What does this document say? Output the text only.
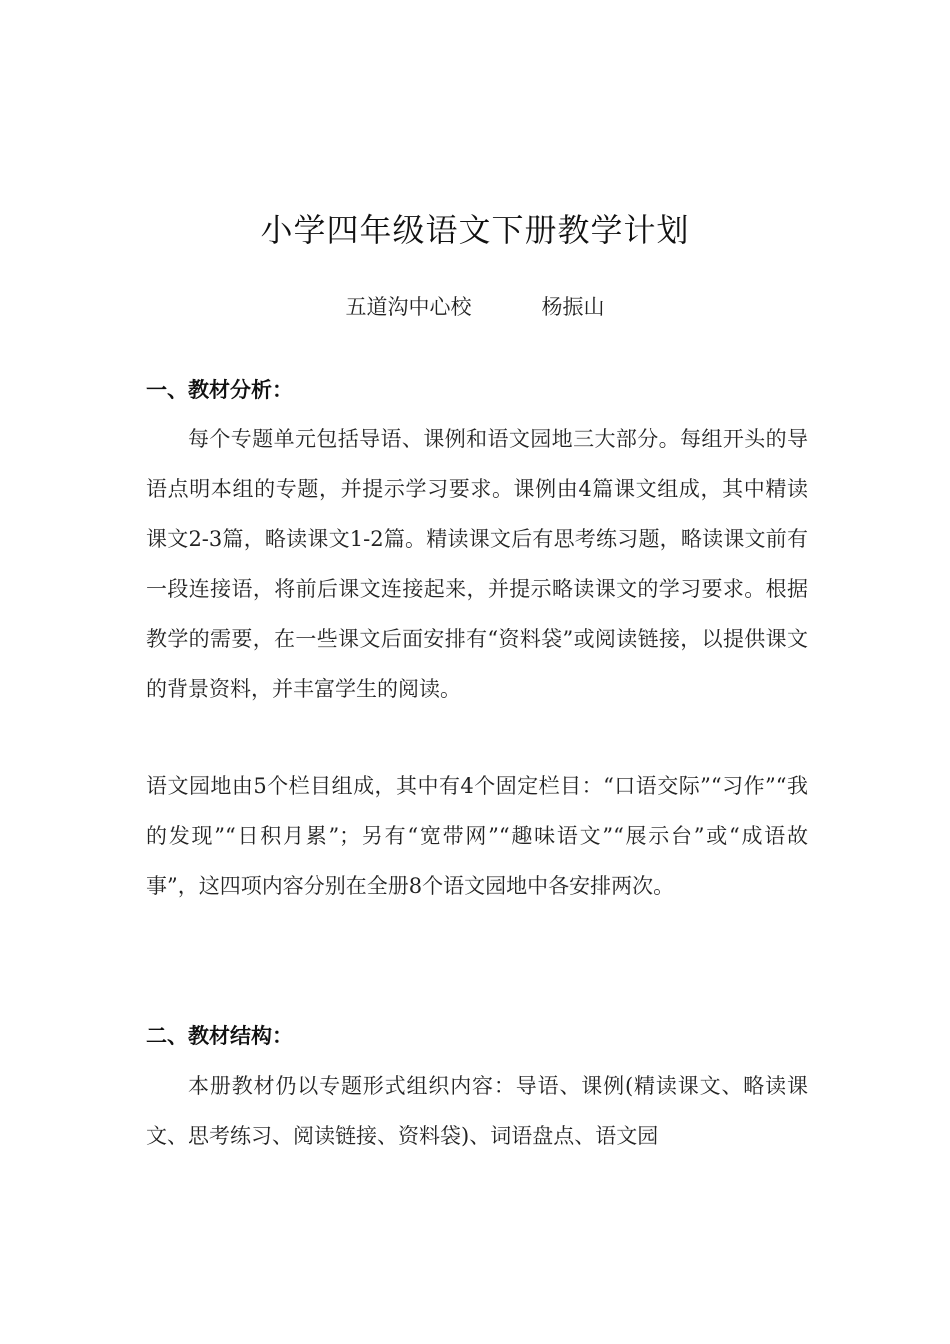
小学四年级语文下册教学计划
五道沟中心校	杨振山
一、教材分析：

每个专题单元包括导语、课例和语文园地三大部分。每组开头的导语点明本组的专题，并提示学习要求。课例由4篇课文组成，其中精读课文2-3篇，略读课文1-2篇。精读课文后有思考练习题，略读课文前有一段连接语，将前后课文连接起来，并提示略读课文的学习要求。根据教学的需要，在一些课文后面安排有“资料袋”或阅读链接，以提供课文的背景资料，并丰富学生的阅读。

语文园地由5个栏目组成，其中有4个固定栏目：“口语交际”“习作”“我的发现”“日积月累”；另有“宽带网”“趣味语文”“展示台”或“成语故事”，这四项内容分别在全册8个语文园地中各安排两次。

二、教材结构：

本册教材仍以专题形式组织内容：导语、课例(精读课文、略读课文、思考练习、阅读链接、资料袋)、词语盘点、语文园
